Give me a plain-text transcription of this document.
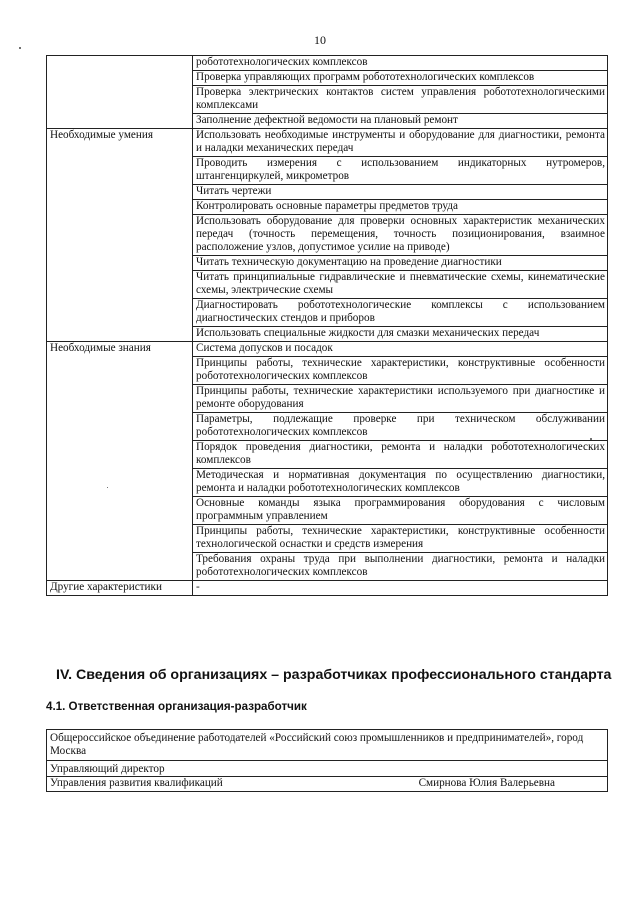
10
	робототехнологических комплексов
	Проверка управляющих программ робототехнологических комплексов
	Проверка электрических контактов систем управления робототехнологическими комплексами
	Заполнение дефектной ведомости на плановый ремонт
Необходимые умения	Использовать необходимые инструменты и оборудование для диагностики, ремонта и наладки механических передач
	Проводить измерения с использованием индикаторных нутромеров, штангенциркулей, микрометров
	Читать чертежи
	Контролировать основные параметры предметов труда
	Использовать оборудование для проверки основных характеристик механических передач (точность перемещения, точность позиционирования, взаимное расположение узлов, допустимое усилие на приводе)
	Читать техническую документацию на проведение диагностики
	Читать принципиальные гидравлические и пневматические схемы, кинематические схемы, электрические схемы
	Диагностировать робототехнологические комплексы с использованием диагностических стендов и приборов
	Использовать специальные жидкости для смазки механических передач
Необходимые знания	Система допусков и посадок
	Принципы работы, технические характеристики, конструктивные особенности робототехнологических комплексов
	Принципы работы, технические характеристики используемого при диагностике и ремонте оборудования
	Параметры, подлежащие проверке при техническом обслуживании робототехнологических комплексов
	Порядок проведения диагностики, ремонта и наладки робототехнологических комплексов
	Методическая и нормативная документация по осуществлению диагностики, ремонта и наладки робототехнологических комплексов
	Основные команды языка программирования оборудования с числовым программным управлением
	Принципы работы, технические характеристики, конструктивные особенности технологической оснастки и средств измерения
	Требования охраны труда при выполнении диагностики, ремонта и наладки робототехнологических комплексов
Другие характеристики	-
IV. Сведения об организациях – разработчиках профессионального стандарта
4.1. Ответственная организация-разработчик
Общероссийское объединение работодателей «Российский союз промышленников и предпринимателей», город Москва
Управляющий директор
Управления развития квалификаций	Смирнова Юлия Валерьевна
